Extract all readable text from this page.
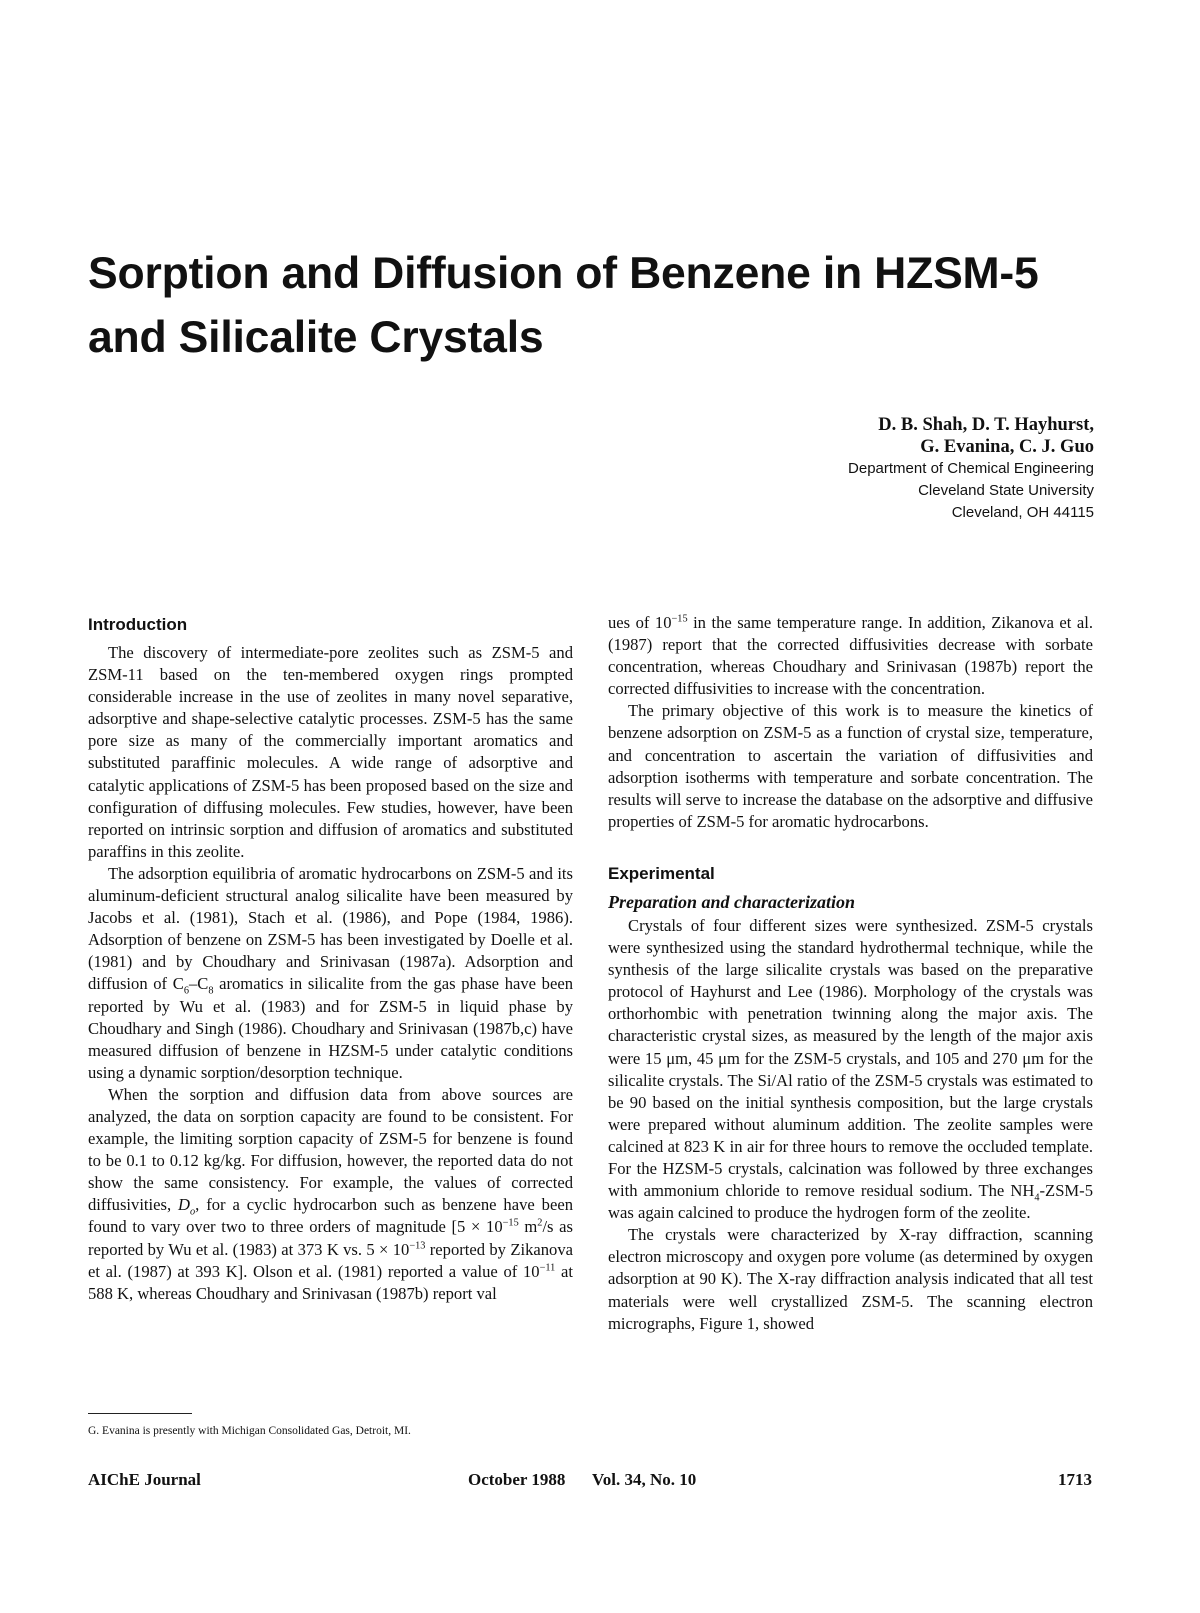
Sorption and Diffusion of Benzene in HZSM-5 and Silicalite Crystals
D. B. Shah, D. T. Hayhurst,
G. Evanina, C. J. Guo
Department of Chemical Engineering
Cleveland State University
Cleveland, OH 44115
Introduction

The discovery of intermediate-pore zeolites such as ZSM-5 and ZSM-11 based on the ten-membered oxygen rings prompted considerable increase in the use of zeolites in many novel separative, adsorptive and shape-selective catalytic processes. ZSM-5 has the same pore size as many of the commercially important aromatics and substituted paraffinic molecules. A wide range of adsorptive and catalytic applications of ZSM-5 has been proposed based on the size and configuration of diffusing molecules. Few studies, however, have been reported on intrinsic sorption and diffusion of aromatics and substituted paraffins in this zeolite.

The adsorption equilibria of aromatic hydrocarbons on ZSM-5 and its aluminum-deficient structural analog silicalite have been measured by Jacobs et al. (1981), Stach et al. (1986), and Pope (1984, 1986). Adsorption of benzene on ZSM-5 has been investigated by Doelle et al. (1981) and by Choudhary and Srinivasan (1987a). Adsorption and diffusion of $C_6-C_8$ aromatics in silicalite from the gas phase have been reported by Wu et al. (1983) and for ZSM-5 in liquid phase by Choudhary and Singh (1986). Choudhary and Srinivasan (1987b,c) have measured diffusion of benzene in HZSM-5 under catalytic conditions using a dynamic sorption/desorption technique.

When the sorption and diffusion data from above sources are analyzed, the data on sorption capacity are found to be consistent. For example, the limiting sorption capacity of ZSM-5 for benzene is found to be 0.1 to 0.12 kg/kg. For diffusion, however, the reported data do not show the same consistency. For example, the values of corrected diffusivities, $D_o$, for a cyclic hydrocarbon such as benzene have been found to vary over two to three orders of magnitude [$5 \times 10^{-15}$ $m^2/s$ as reported by Wu et al. (1983) at 373 K vs. $5 \times 10^{-13}$ reported by Zikanova et al. (1987) at 393 K]. Olson et al. (1981) reported a value of $10^{-11}$ at 588 K, whereas Choudhary and Srinivasan (1987b) report val

ues of $10^{-15}$ in the same temperature range. In addition, Zikanova et al. (1987) report that the corrected diffusivities decrease with sorbate concentration, whereas Choudhary and Srinivasan (1987b) report the corrected diffusivities to increase with the concentration.

The primary objective of this work is to measure the kinetics of benzene adsorption on ZSM-5 as a function of crystal size, temperature, and concentration to ascertain the variation of diffusivities and adsorption isotherms with temperature and sorbate concentration. The results will serve to increase the database on the adsorptive and diffusive properties of ZSM-5 for aromatic hydrocarbons.

Experimental
Preparation and characterization

Crystals of four different sizes were synthesized. ZSM-5 crystals were synthesized using the standard hydrothermal technique, while the synthesis of the large silicalite crystals was based on the preparative protocol of Hayhurst and Lee (1986). Morphology of the crystals was orthorhombic with penetration twinning along the major axis. The characteristic crystal sizes, as measured by the length of the major axis were 15 μm, 45 μm for the ZSM-5 crystals, and 105 and 270 μm for the silicalite crystals. The Si/Al ratio of the ZSM-5 crystals was estimated to be 90 based on the initial synthesis composition, but the large crystals were prepared without aluminum addition. The zeolite samples were calcined at 823 K in air for three hours to remove the occluded template. For the HZSM-5 crystals, calcination was followed by three exchanges with ammonium chloride to remove residual sodium. The $NH_4-ZSM-5$ was again calcined to produce the hydrogen form of the zeolite.

The crystals were characterized by X-ray diffraction, scanning electron microscopy and oxygen pore volume (as determined by oxygen adsorption at 90 K). The X-ray diffraction analysis indicated that all test materials were well crystallized ZSM-5. The scanning electron micrographs, Figure 1, showed

G. Evanina is presently with Michigan Consolidated Gas, Detroit, MI.
AIChE Journal	October 1988 Vol. 34, No. 10	1713
